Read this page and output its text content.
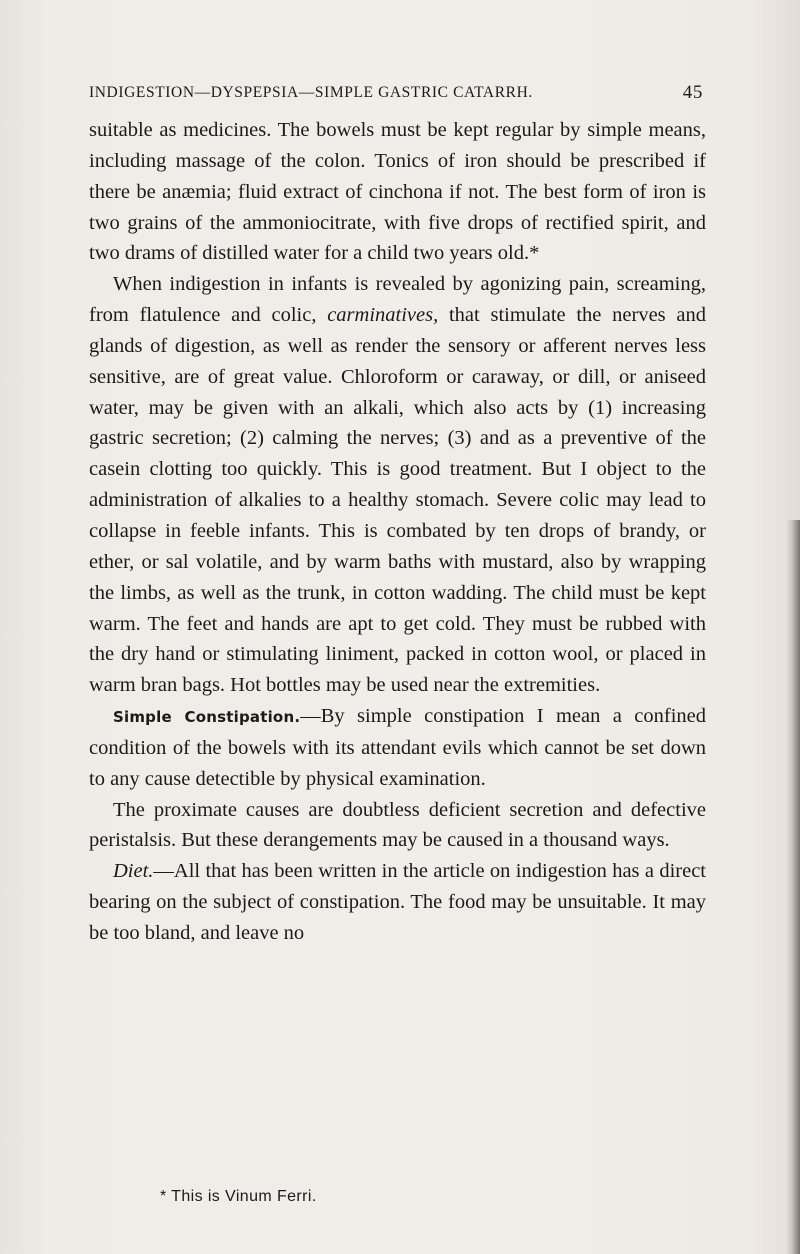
INDIGESTION—DYSPEPSIA—SIMPLE GASTRIC CATARRH.	45

suitable as medicines. The bowels must be kept regular by simple means, including massage of the colon. Tonics of iron should be prescribed if there be anæmia; fluid extract of cinchona if not. The best form of iron is two grains of the ammoniocitrate, with five drops of rectified spirit, and two drams of distilled water for a child two years old.*

When indigestion in infants is revealed by agonizing pain, screaming, from flatulence and colic, carminatives, that stimulate the nerves and glands of digestion, as well as render the sensory or afferent nerves less sensitive, are of great value. Chloroform or caraway, or dill, or aniseed water, may be given with an alkali, which also acts by (1) increasing gastric secretion; (2) calming the nerves; (3) and as a preventive of the casein clotting too quickly. This is good treatment. But I object to the administration of alkalies to a healthy stomach. Severe colic may lead to collapse in feeble infants. This is combated by ten drops of brandy, or ether, or sal volatile, and by warm baths with mustard, also by wrapping the limbs, as well as the trunk, in cotton wadding. The child must be kept warm. The feet and hands are apt to get cold. They must be rubbed with the dry hand or stimulating liniment, packed in cotton wool, or placed in warm bran bags. Hot bottles may be used near the extremities.

Simple Constipation.—By simple constipation I mean a confined condition of the bowels with its attendant evils which cannot be set down to any cause detectible by physical examination.

The proximate causes are doubtless deficient secretion and defective peristalsis. But these derangements may be caused in a thousand ways.

Diet.—All that has been written in the article on indigestion has a direct bearing on the subject of constipation. The food may be unsuitable. It may be too bland, and leave no

* This is Vinum Ferri.
